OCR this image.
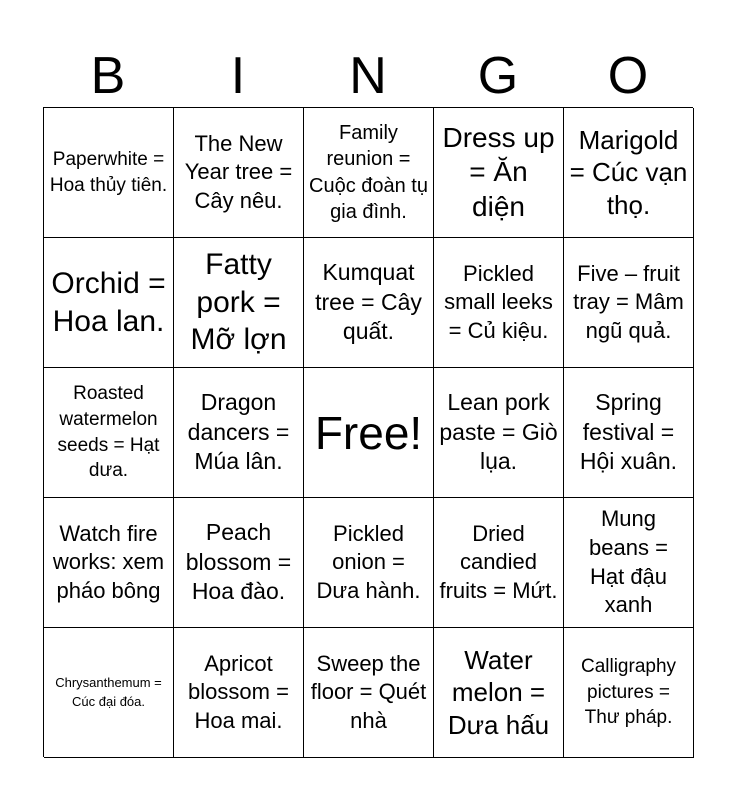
B	I	N	G	O
Paperwhite = Hoa thủy tiên.
The New Year tree = Cây nêu.
Family reunion = Cuộc đoàn tụ gia đình.
Dress up = Ăn diện
Marigold = Cúc vạn thọ.
Orchid = Hoa lan.
Fatty pork = Mỡ lợn
Kumquat tree = Cây quất.
Pickled small leeks = Củ kiệu.
Five – fruit tray = Mâm ngũ quả.
Roasted watermelon seeds = Hạt dưa.
Dragon dancers = Múa lân.
Free!
Lean pork paste = Giò lụa.
Spring festival = Hội xuân.
Watch fire works: xem pháo bông
Peach blossom = Hoa đào.
Pickled onion = Dưa hành.
Dried candied fruits = Mứt.
Mung beans = Hạt đậu xanh
Chrysanthemum = Cúc đại đóa.
Apricot blossom = Hoa mai.
Sweep the floor = Quét nhà
Water melon = Dưa hấu
Calligraphy pictures = Thư pháp.
